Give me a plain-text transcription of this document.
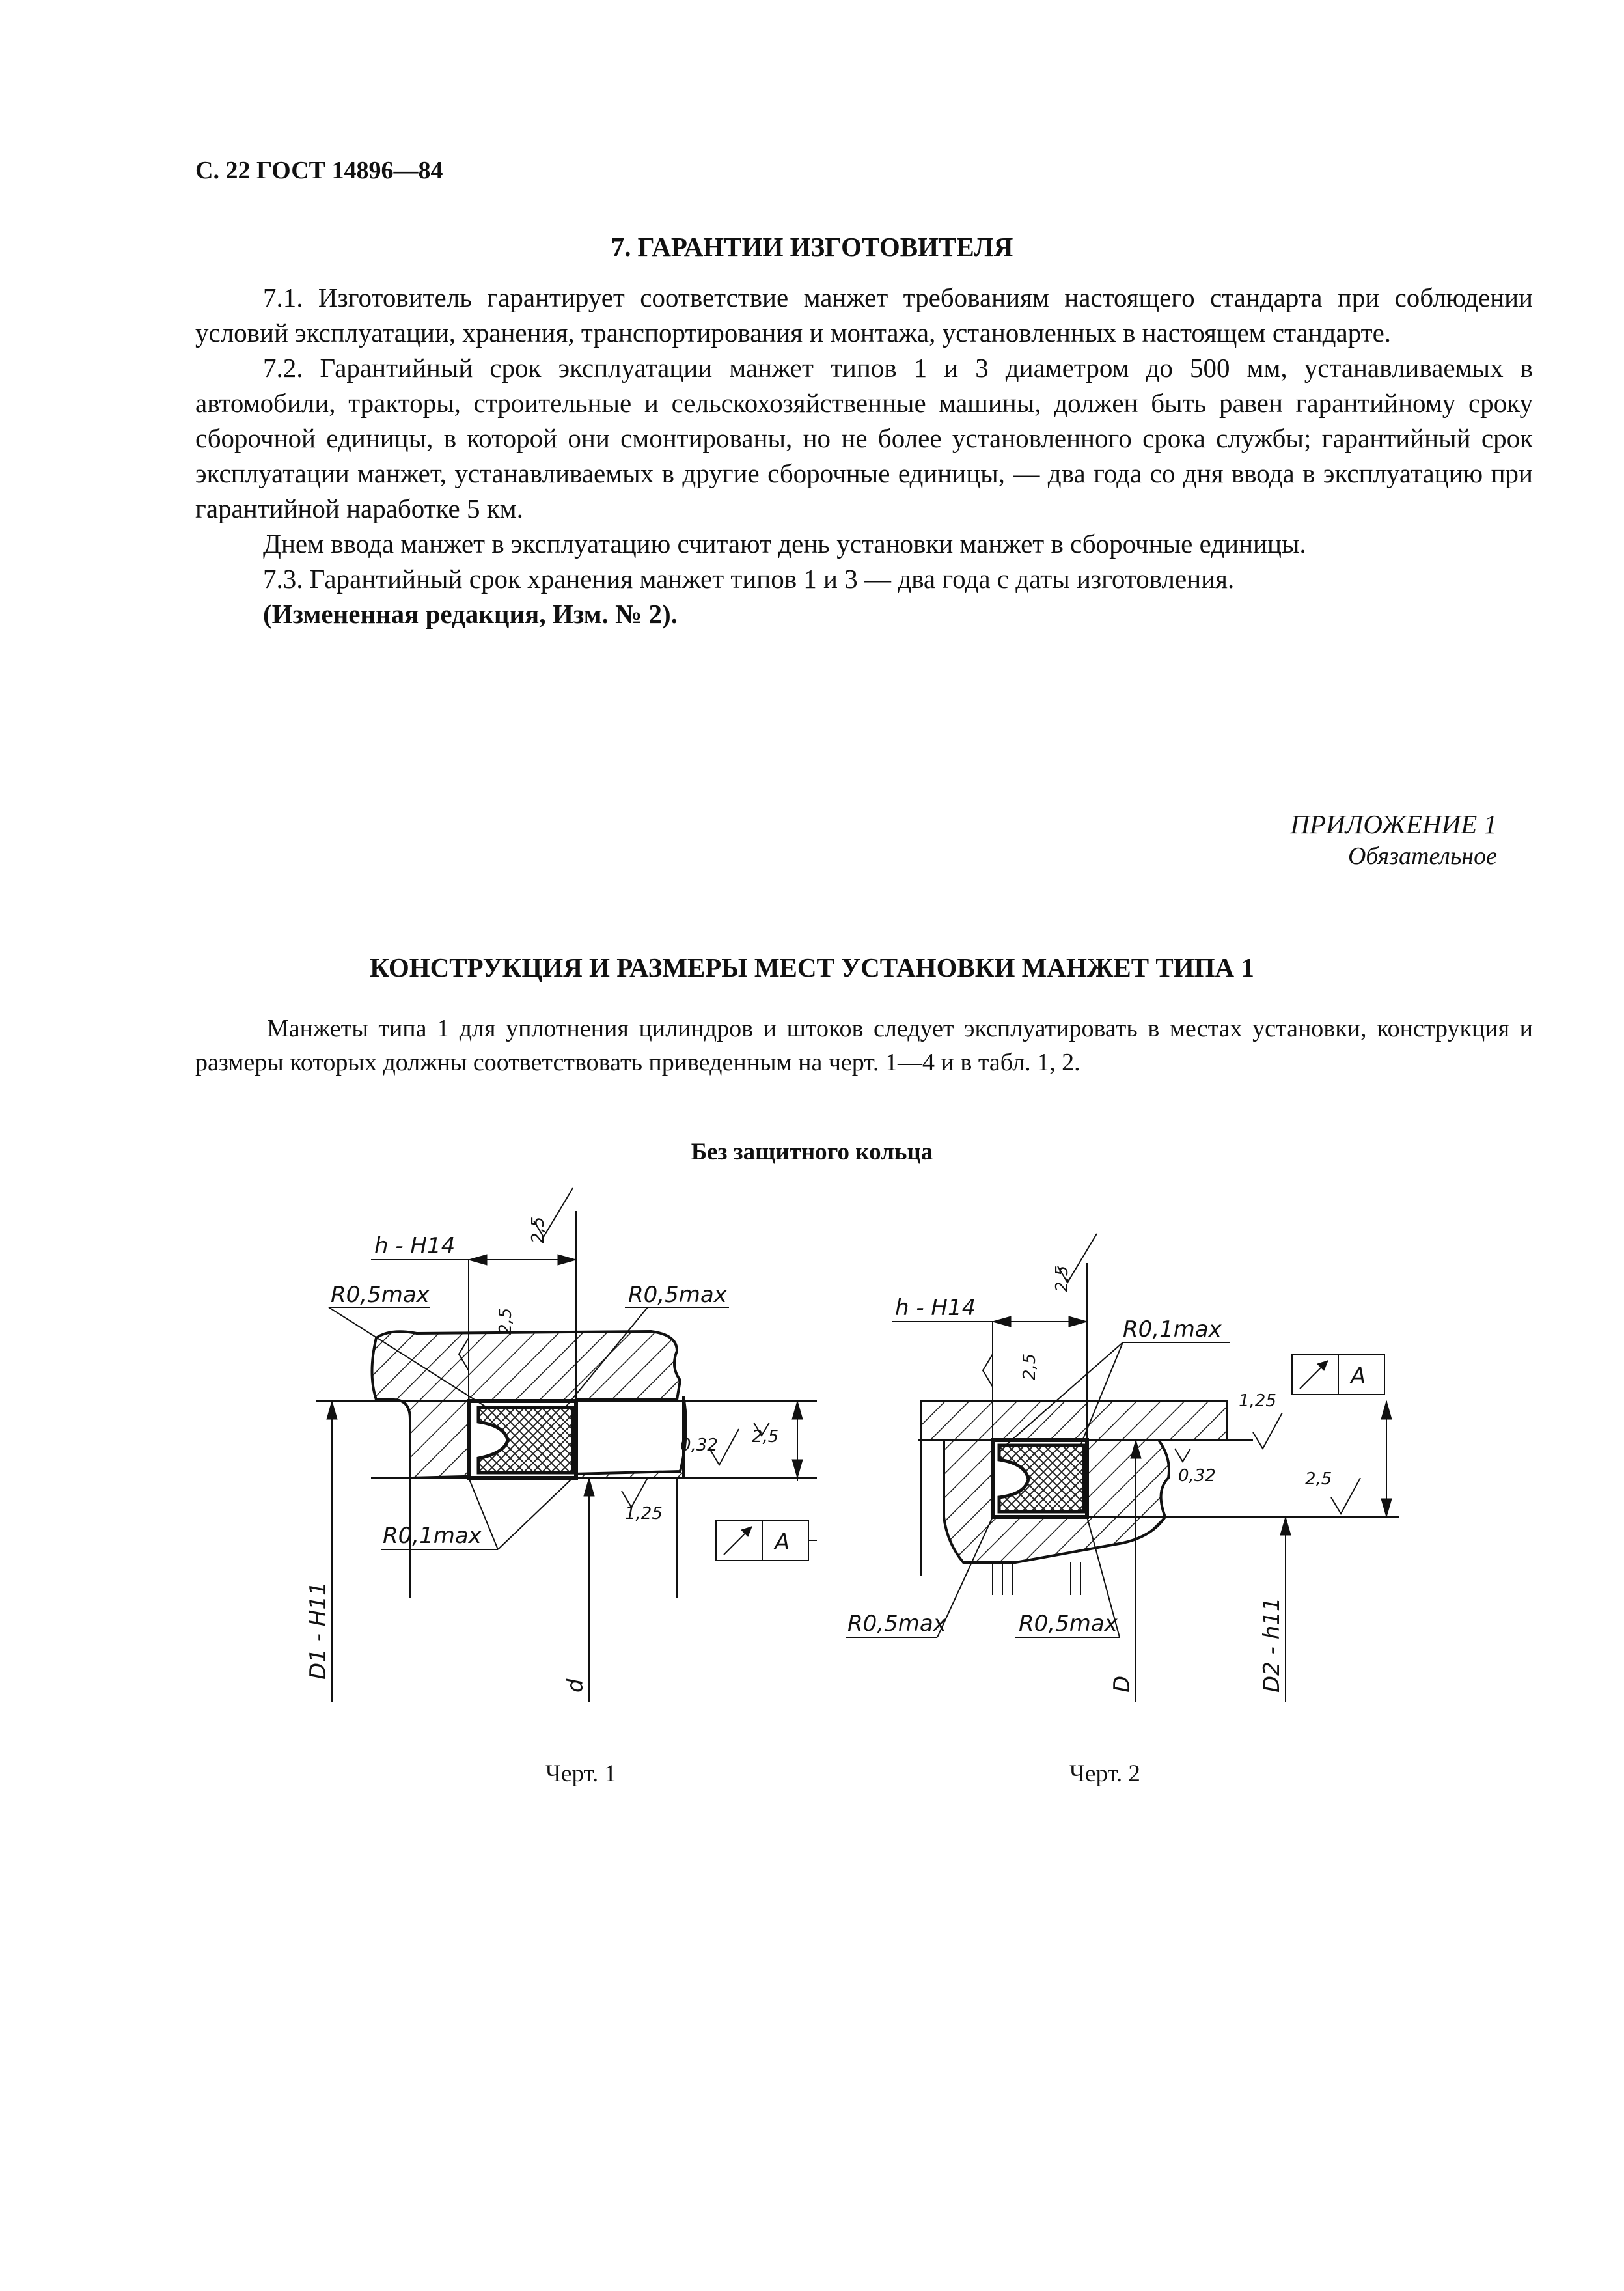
С. 22 ГОСТ 14896—84
7. ГАРАНТИИ ИЗГОТОВИТЕЛЯ

7.1. Изготовитель гарантирует соответствие манжет требованиям настоящего стандарта при соблюдении условий эксплуатации, хранения, транспортирования и монтажа, установленных в настоящем стандарте.

7.2. Гарантийный срок эксплуатации манжет типов 1 и 3 диаметром до 500 мм, устанавливаемых в автомобили, тракторы, строительные и сельскохозяйственные машины, должен быть равен гарантийному сроку сборочной единицы, в которой они смонтированы, но не более установленного срока службы; гарантийный срок эксплуатации манжет, устанавливаемых в другие сборочные единицы, — два года со дня ввода в эксплуатацию при гарантийной наработке 5 км.

Днем ввода манжет в эксплуатацию считают день установки манжет в сборочные единицы.

7.3. Гарантийный срок хранения манжет типов 1 и 3 — два года с даты изготовления.

(Измененная редакция, Изм. № 2).

ПРИЛОЖЕНИЕ 1
Обязательное
КОНСТРУКЦИЯ И РАЗМЕРЫ МЕСТ УСТАНОВКИ МАНЖЕТ ТИПА 1

Манжеты типа 1 для уплотнения цилиндров и штоков следует эксплуатировать в местах установки, конструкция и размеры которых должны соответствовать приведенным на черт. 1—4 и в табл. 1, 2.

Без защитного кольца
h - H14
R0,5max	R0,5max
R0,1max
2,5
2,5
2,5
0,32
1,25
A
D1 - H11
d
h - H14
R0,1max
R0,5max	R0,5max
2,5
2,5
1,25
0,32	2,5
A
D	D2 - h11
Черт. 1	Черт. 2
